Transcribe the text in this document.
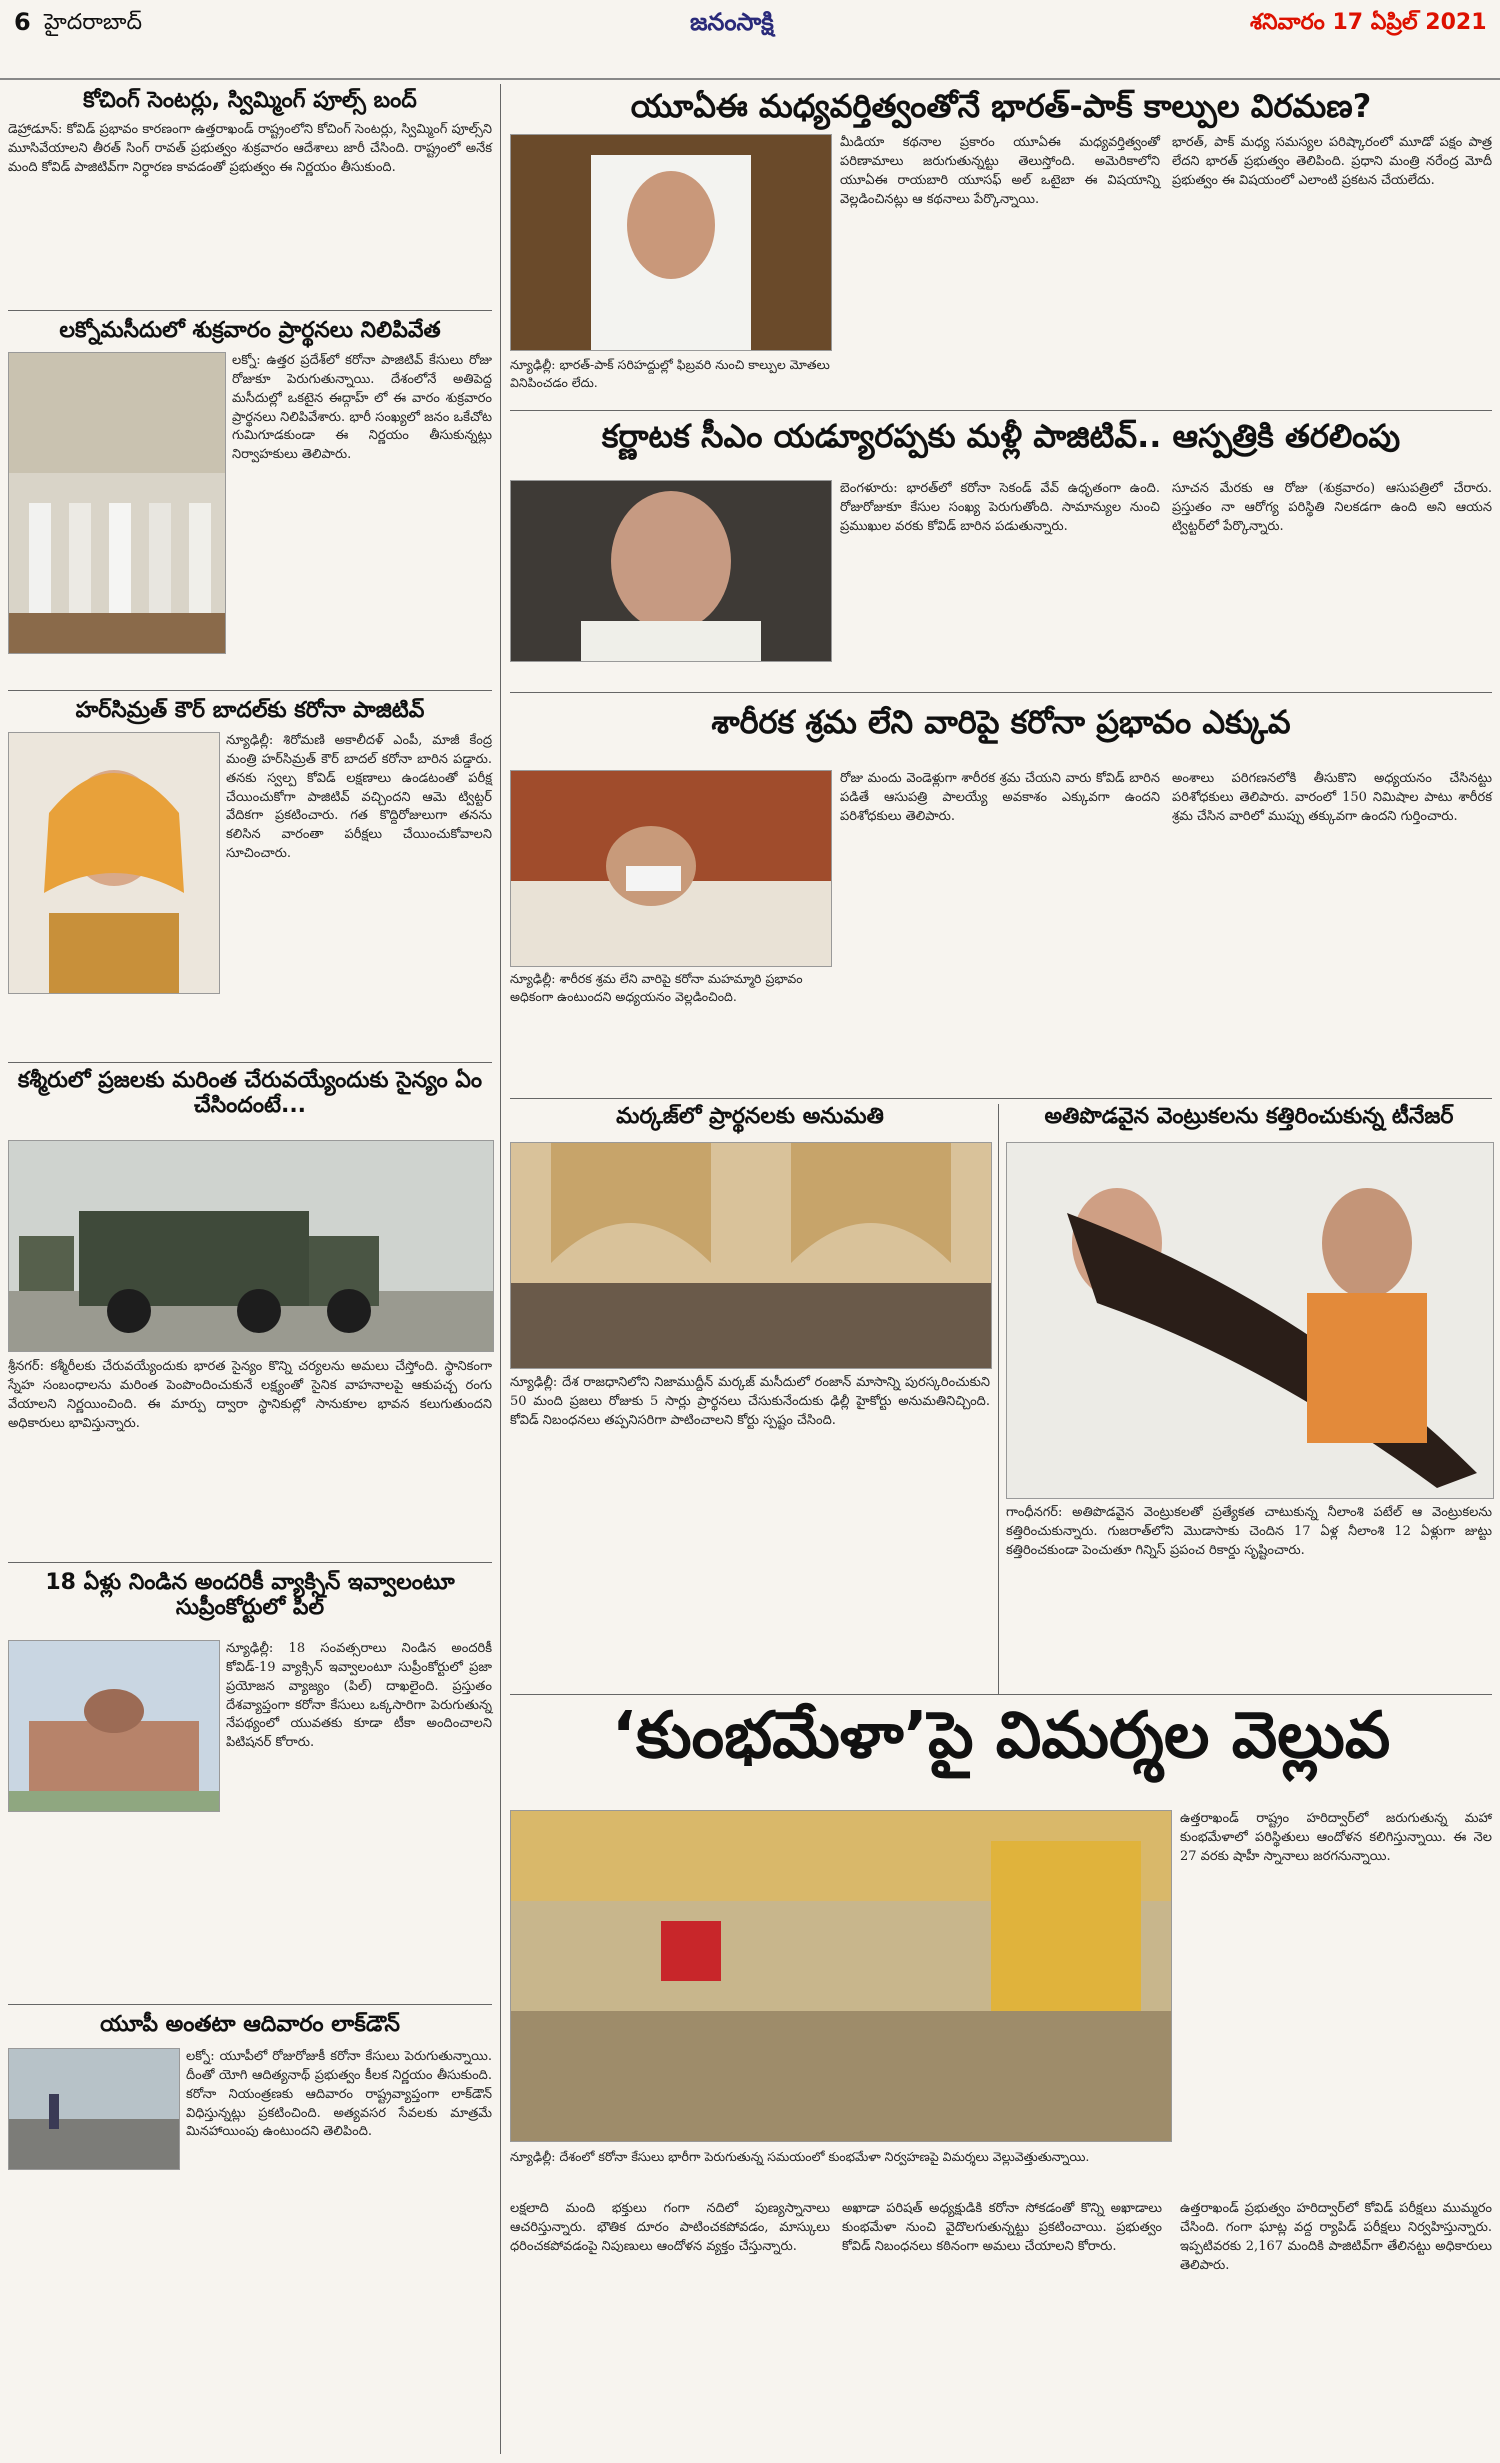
6 హైదరాబాద్	జనంసాక్షి	శనివారం 17 ఏప్రిల్ 2021

కోచింగ్ సెంటర్లు, స్విమ్మింగ్ పూల్స్ బంద్

డెహ్రాడూన్: కోవిడ్ ప్రభావం కారణంగా ఉత్తరాఖండ్ రాష్ట్రంలోని కోచింగ్ సెంటర్లు, స్విమ్మింగ్ పూల్స్‌ని మూసివేయాలని తీరత్ సింగ్ రావత్ ప్రభుత్వం శుక్రవారం ఆదేశాలు జారీ చేసింది. రాష్ట్రంలో అనేక మంది కోవిడ్ పాజిటివ్‌గా నిర్ధారణ కావడంతో ప్రభుత్వం ఈ నిర్ణయం తీసుకుంది.

లక్నోమసీదులో శుక్రవారం ప్రార్థనలు నిలిపివేత

లక్నో: ఉత్తర ప్రదేశ్‌లో కరోనా పాజిటివ్ కేసులు రోజు రోజుకూ పెరుగుతున్నాయి. దేశంలోనే అతిపెద్ద మసీదుల్లో ఒకటైన ఈద్గాహ్ లో ఈ వారం శుక్రవారం ప్రార్థనలు నిలిపివేశారు. భారీ సంఖ్యలో జనం ఒకేచోట గుమిగూడకుండా ఈ నిర్ణయం తీసుకున్నట్లు నిర్వాహకులు తెలిపారు.

హర్‌సిమ్రత్ కౌర్ బాదల్‌కు కరోనా పాజిటివ్

న్యూఢిల్లీ: శిరోమణి అకాలీదళ్ ఎంపీ, మాజీ కేంద్ర మంత్రి హర్‌సిమ్రత్ కౌర్ బాదల్ కరోనా బారిన పడ్డారు. తనకు స్వల్ప కోవిడ్ లక్షణాలు ఉండటంతో పరీక్ష చేయించుకోగా పాజిటివ్ వచ్చిందని ఆమె ట్విట్టర్ వేదికగా ప్రకటించారు. గత కొద్దిరోజులుగా తనను కలిసిన వారంతా పరీక్షలు చేయించుకోవాలని సూచించారు.

కశ్మీరులో ప్రజలకు మరింత చేరువయ్యేందుకు సైన్యం ఏం చేసిందంటే...

శ్రీనగర్: కశ్మీరీలకు చేరువయ్యేందుకు భారత సైన్యం కొన్ని చర్యలను అమలు చేస్తోంది. స్థానికంగా స్నేహ సంబంధాలను మరింత పెంపొందించుకునే లక్ష్యంతో సైనిక వాహనాలపై ఆకుపచ్చ రంగు వేయాలని నిర్ణయించింది. ఈ మార్పు ద్వారా స్థానికుల్లో సానుకూల భావన కలుగుతుందని అధికారులు భావిస్తున్నారు.

18 ఏళ్లు నిండిన అందరికీ వ్యాక్సిన్ ఇవ్వాలంటూ సుప్రీంకోర్టులో పిల్

న్యూఢిల్లీ: 18 సంవత్సరాలు నిండిన అందరికీ కోవిడ్-19 వ్యాక్సిన్ ఇవ్వాలంటూ సుప్రీంకోర్టులో ప్రజా ప్రయోజన వ్యాజ్యం (పిల్) దాఖలైంది. ప్రస్తుతం దేశవ్యాప్తంగా కరోనా కేసులు ఒక్కసారిగా పెరుగుతున్న నేపథ్యంలో యువతకు కూడా టీకా అందించాలని పిటిషనర్ కోరారు.

యూపీ అంతటా ఆదివారం లాక్‌డౌన్

లక్నో: యూపీలో రోజురోజుకీ కరోనా కేసులు పెరుగుతున్నాయి. దీంతో యోగి ఆదిత్యనాథ్ ప్రభుత్వం కీలక నిర్ణయం తీసుకుంది. కరోనా నియంత్రణకు ఆదివారం రాష్ట్రవ్యాప్తంగా లాక్‌డౌన్ విధిస్తున్నట్లు ప్రకటించింది. అత్యవసర సేవలకు మాత్రమే మినహాయింపు ఉంటుందని తెలిపింది.

యూఏఈ మధ్యవర్తిత్వంతోనే భారత్-పాక్ కాల్పుల విరమణ?

న్యూఢిల్లీ: భారత్-పాక్ సరిహద్దుల్లో ఫిబ్రవరి నుంచి కాల్పుల మోతలు వినిపించడం లేదు.

మీడియా కథనాల ప్రకారం యూఏఈ మధ్యవర్తిత్వంతో పరిణామాలు జరుగుతున్నట్టు తెలుస్తోంది. అమెరికాలోని యూఏఈ రాయబారి యూసఫ్ అల్ ఒటైబా ఈ విషయాన్ని వెల్లడించినట్లు ఆ కథనాలు పేర్కొన్నాయి.

భారత్, పాక్ మధ్య సమస్యల పరిష్కారంలో మూడో పక్షం పాత్ర లేదని భారత్ ప్రభుత్వం తెలిపింది. ప్రధాని మంత్రి నరేంద్ర మోదీ ప్రభుత్వం ఈ విషయంలో ఎలాంటి ప్రకటన చేయలేదు.

కర్ణాటక సీఎం యడ్యూరప్పకు మళ్లీ పాజిటివ్.. ఆస్పత్రికి తరలింపు

బెంగళూరు: భారత్‌లో కరోనా సెకండ్ వేవ్ ఉధృతంగా ఉంది. రోజురోజుకూ కేసుల సంఖ్య పెరుగుతోంది. సామాన్యుల నుంచి ప్రముఖుల వరకు కోవిడ్ బారిన పడుతున్నారు.

సూచన మేరకు ఆ రోజు (శుక్రవారం) ఆసుపత్రిలో చేరారు. ప్రస్తుతం నా ఆరోగ్య పరిస్థితి నిలకడగా ఉంది అని ఆయన ట్విట్టర్‌లో పేర్కొన్నారు.

శారీరక శ్రమ లేని వారిపై కరోనా ప్రభావం ఎక్కువ

న్యూఢిల్లీ: శారీరక శ్రమ లేని వారిపై కరోనా మహమ్మారి ప్రభావం అధికంగా ఉంటుందని అధ్యయనం వెల్లడించింది.

రోజు మందు వెండెళ్లుగా శారీరక శ్రమ చేయని వారు కోవిడ్ బారిన పడితే ఆసుపత్రి పాలయ్యే అవకాశం ఎక్కువగా ఉందని పరిశోధకులు తెలిపారు.

అంశాలు పరిగణనలోకి తీసుకొని అధ్యయనం చేసినట్టు పరిశోధకులు తెలిపారు. వారంలో 150 నిమిషాల పాటు శారీరక శ్రమ చేసిన వారిలో ముప్పు తక్కువగా ఉందని గుర్తించారు.

మర్కజ్‌లో ప్రార్థనలకు అనుమతి

న్యూఢిల్లీ: దేశ రాజధానిలోని నిజాముద్దీన్ మర్కజ్ మసీదులో రంజాన్ మాసాన్ని పురస్కరించుకుని 50 మంది ప్రజలు రోజుకు 5 సార్లు ప్రార్థనలు చేసుకునేందుకు ఢిల్లీ హైకోర్టు అనుమతినిచ్చింది. కోవిడ్ నిబంధనలు తప్పనిసరిగా పాటించాలని కోర్టు స్పష్టం చేసింది.

అతిపొడవైన వెంట్రుకలను కత్తిరించుకున్న టీనేజర్

గాంధీనగర్: అతిపొడవైన వెంట్రుకలతో ప్రత్యేకత చాటుకున్న నీలాంశి పటేల్ ఆ వెంట్రుకలను కత్తిరించుకున్నారు. గుజరాత్‌లోని మొడాసాకు చెందిన 17 ఏళ్ల నీలాంశి 12 ఏళ్లుగా జుట్టు కత్తిరించకుండా పెంచుతూ గిన్నిస్ ప్రపంచ రికార్డు సృష్టించారు.

‘కుంభమేళా’పై విమర్శల వెల్లువ

న్యూఢిల్లీ: దేశంలో కరోనా కేసులు భారీగా పెరుగుతున్న సమయంలో కుంభమేళా నిర్వహణపై విమర్శలు వెల్లువెత్తుతున్నాయి.

ఉత్తరాఖండ్ రాష్ట్రం హరిద్వార్‌లో జరుగుతున్న మహా కుంభమేళాలో పరిస్థితులు ఆందోళన కలిగిస్తున్నాయి. ఈ నెల 27 వరకు షాహీ స్నానాలు జరగనున్నాయి.

లక్షలాది మంది భక్తులు గంగా నదిలో పుణ్యస్నానాలు ఆచరిస్తున్నారు. భౌతిక దూరం పాటించకపోవడం, మాస్కులు ధరించకపోవడంపై నిపుణులు ఆందోళన వ్యక్తం చేస్తున్నారు.

అఖాడా పరిషత్ అధ్యక్షుడికి కరోనా సోకడంతో కొన్ని అఖాడాలు కుంభమేళా నుంచి వైదొలగుతున్నట్టు ప్రకటించాయి. ప్రభుత్వం కోవిడ్ నిబంధనలు కఠినంగా అమలు చేయాలని కోరారు.

ఉత్తరాఖండ్ ప్రభుత్వం హరిద్వార్‌లో కోవిడ్ పరీక్షలు ముమ్మరం చేసింది. గంగా ఘాట్ల వద్ద ర్యాపిడ్ పరీక్షలు నిర్వహిస్తున్నారు. ఇప్పటివరకు 2,167 మందికి పాజిటివ్‌గా తేలినట్టు అధికారులు తెలిపారు.
